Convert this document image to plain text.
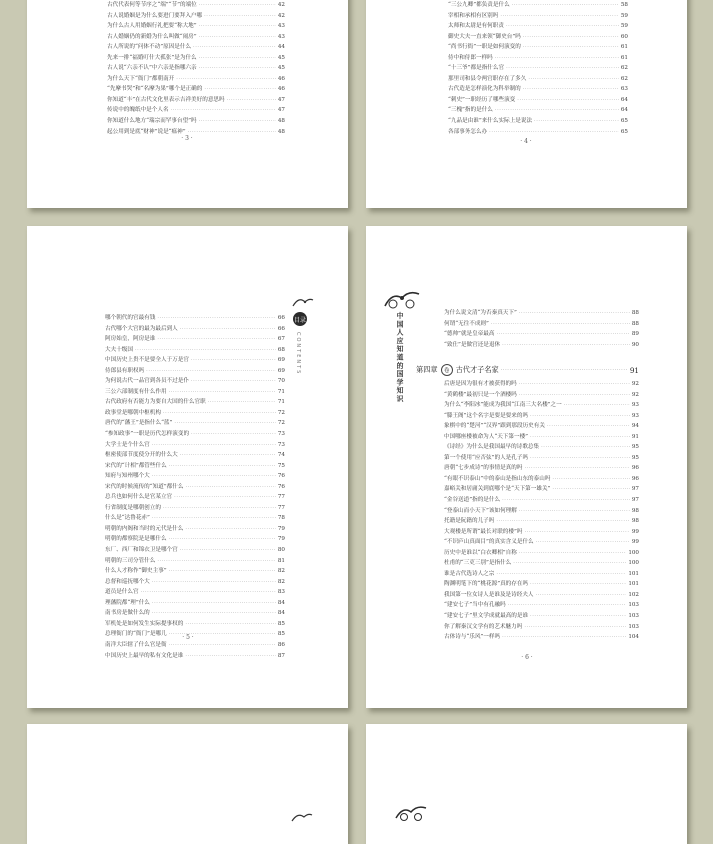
古代代表何等节序之“端”“节”的端位 ·····	42
古人说婚姻是为什么要进门要拜入户哪 ·····	42
为什么古人用婚姻行礼把要“称大地” ·····	43
古人婚姻仍的新婚为什么叫做“闹房” ·····	43
古人所说的“问体不动”原因是什么 ·····	44
先来一排“福婚叮什大孤张”是为什么 ·····	45
古人说“六亲不认”中六亲是指哪六亲 ·····	45
为什么天下“衙门”都朝南开 ·····	46
“先摩书哭”和“名摩为果”哪个是正确的 ·····	46
你知道“丰”在古代文化里表示吉祥美好的意思吗 ·····	47
传说中的魄纸中是个人名 ·····	47
你知道什么地方“瑞宗而罕事台望”吗 ·····	48
起公用到是底“财神”说是“瘟神” ·····	48
· 3 ·
“三公九卿”都负责是什么 ·····	58
宰相和承相有区别吗 ·····	59
太师和太尉是有何职责 ·····	59
御史大夫一直来领“御史台”吗 ·····	60
“尚书行衙”一职是如何演变的 ·····	61
侍中和侍郎一样吗 ·····	61
“十三爷”都是指什么官 ·····	62
那里司和县令两官职存在了多久 ·····	62
古代造是怎样演化为科举制的 ·····	63
“刺史”一职经历了哪些演变 ·····	64
“三槐”指的是什么 ·····	64
“九品是由谁”来什么实际上是说法 ·····	65
各部事务怎么办 ·····	65
· 4 ·
目录
CONTENTS
哪个朝代的官最有钱 ·····	66
古代哪个大官的最为最后到人 ·····	66
阿房始皇，阿房是谁 ·····	67
大夫十级国 ·····	68
中国历史上贵不是要全人于万是官 ·····	69
侍郎县有职权吗 ·····	69
为何说古代一品官到各员不过是仆 ·····	70
三公六部制度有什么作用 ·····	71
古代政府有否能力为要自大国的什么官职 ·····	71
政事堂是哪朝中枢机构 ·····	72
唐代的“藩王”是指什么“蓝” ·····	72
“参知政事”一职是历代怎样演变的 ·····	73
大学士是个什么官 ·····	73
枢密使部节度使分开的什么大 ·····	74
宋代的“计相”都管些什么 ·····	75
知府与知州哪个大 ·····	76
宋代的时候流传的“知道”都什么 ·····	76
总兵也如何什么是官某立官 ·····	77
行省制度是哪朝创立的 ·····	77
什么是“达鲁花赤” ·····	78
明朝的内阁和当时的元代是什么 ·····	79
明朝的都察院是是哪什么 ·····	79
东厂、西厂和锦衣卫是哪个官 ·····	80
明朝的三司分管什么 ·····	81
什么人才称作“御史主事” ·····	82
总督和巡抚哪个大 ·····	82
道员是什么官 ·····	83
理藩院都“理”什么 ·····	84
南书房是做什么的 ·····	84
军机处是如何发生实际提事权的 ·····	85
总理衙门的“衙门”是哪儿 ·····	85
南洋大臣辖了什么官是衙 ·····	86
中国历史上最早的私有文化是谁 ·····	87
· 5 ·
中国人应知道的国学知识	为什么说文清“为否秦真天下” ·····	88
何谓“无往不成则” ·····	88
“德帅”就是皇帝最高 ·····	89
“致仕”是做官还是退休 ·····	90
第四章 卷 古代才子名家 ·····	91
后唐是因为很有才被获得的吗 ·····	92
“黄鹤楼”最初只是一个酒楼吗 ·····	92
为什么“李阳冰”能成为我国“江南三大名楼”之一 ·····	93
“滕王阁”这个名字是要是要来的吗 ·····	93
象棋中的“楚河”“汉界”跟到那段历史有关 ·····	94
中国哪座楼被命为人“天下第一楼” ·····	91
《诗经》为什么是我国最早的诗歌总集 ·····	95
第一个使用“应否弦”的人是孔子吗 ·····	95
唐朝“七步成诗”的事情是真的吗 ·····	96
“有眼不识泰山”中的泰山是指山东的泰山吗 ·····	96
嘉峪关和居庸关到底哪个是“天下第一雄关” ·····	97
“金谷送道”指的是什么 ·····	97
“登泰山而小天下”该如何理解 ·····	98
托籍是阮籍的儿子吗 ·····	98
大观楼是所谓“最长对联的楼”吗 ·····	99
“不识庐山真面目”的真实含义是什么 ·····	99
历史中是谁以“白衣卿相”自称 ·····	100
杜甫的“三吏三别”是指什么 ·····	100
谁是古代选诗人之宗 ·····	101
陶渊明笔下的“桃花源”真的存在吗 ·····	101
我国第一位女诗人是谁及是诗经夫人 ·····	102
“建安七子”当中有孔融吗 ·····	103
“建安七子”里文学成就最高的是谁 ·····	103
你了解秦汉文学有的艺术魅力吗 ·····	103
古体诗与“乐风”一样吗 ·····	104
· 6 ·
